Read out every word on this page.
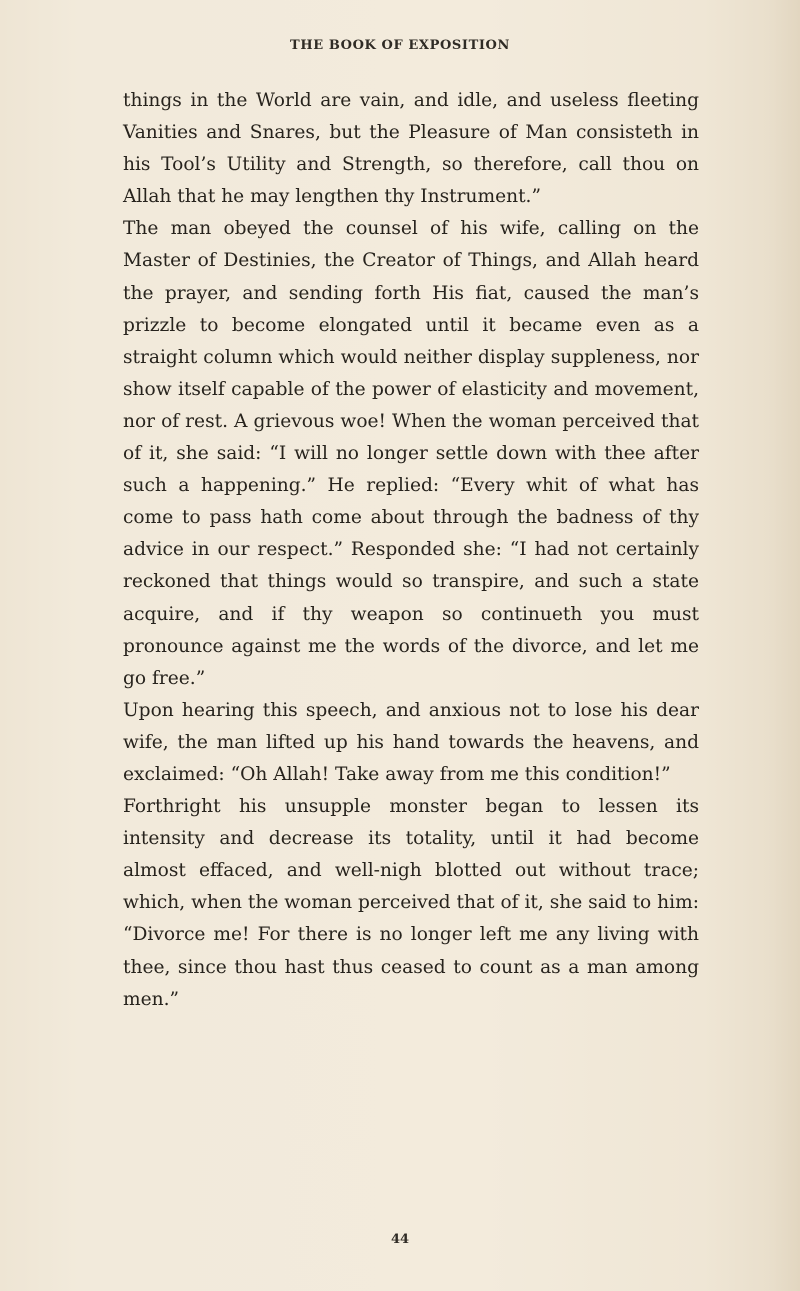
THE BOOK OF EXPOSITION

things in the World are vain, and idle, and useless fleeting Vanities and Snares, but the Pleasure of Man consisteth in his Tool’s Utility and Strength, so therefore, call thou on Allah that he may lengthen thy Instrument.”

The man obeyed the counsel of his wife, calling on the Master of Destinies, the Creator of Things, and Allah heard the prayer, and sending forth His fiat, caused the man’s prizzle to become elongated until it became even as a straight column which would neither display suppleness, nor show itself capable of the power of elasticity and movement, nor of rest. A grievous woe! When the woman perceived that of it, she said: “I will no longer settle down with thee after such a happening.” He replied: “Every whit of what has come to pass hath come about through the badness of thy advice in our respect.” Responded she: “I had not certainly reckoned that things would so transpire, and such a state acquire, and if thy weapon so continueth you must pronounce against me the words of the divorce, and let me go free.”

Upon hearing this speech, and anxious not to lose his dear wife, the man lifted up his hand towards the heavens, and exclaimed: “Oh Allah! Take away from me this condition!”

Forthright his unsupple monster began to lessen its intensity and decrease its totality, until it had become almost effaced, and well-nigh blotted out without trace; which, when the woman perceived that of it, she said to him: “Divorce me! For there is no longer left me any living with thee, since thou hast thus ceased to count as a man among men.”

44
